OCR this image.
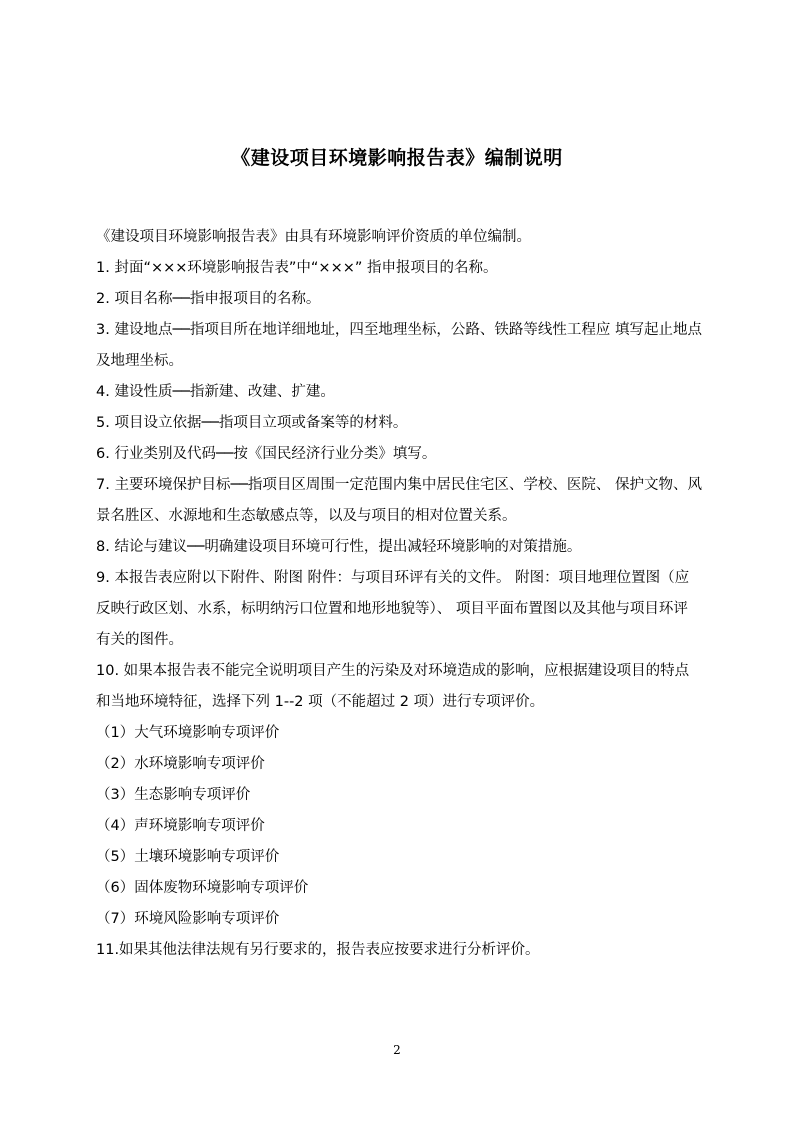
《建设项目环境影响报告表》编制说明

《建设项目环境影响报告表》由具有环境影响评价资质的单位编制。

1. 封面“×××环境影响报告表”中“×××” 指申报项目的名称。

2. 项目名称──指申报项目的名称。

3. 建设地点──指项目所在地详细地址，四至地理坐标，公路、铁路等线性工程应 填写起止地点及地理坐标。

4. 建设性质──指新建、改建、扩建。

5. 项目设立依据──指项目立项或备案等的材料。

6. 行业类别及代码──按《国民经济行业分类》填写。

7. 主要环境保护目标──指项目区周围一定范围内集中居民住宅区、学校、医院、 保护文物、风景名胜区、水源地和生态敏感点等，以及与项目的相对位置关系。

8. 结论与建议──明确建设项目环境可行性，提出减轻环境影响的对策措施。

9. 本报告表应附以下附件、附图 附件：与项目环评有关的文件。 附图：项目地理位置图（应反映行政区划、水系，标明纳污口位置和地形地貌等）、 项目平面布置图以及其他与项目环评有关的图件。

10. 如果本报告表不能完全说明项目产生的污染及对环境造成的影响，应根据建设项目的特点和当地环境特征，选择下列 1--2 项（不能超过 2 项）进行专项评价。

（1）大气环境影响专项评价

（2）水环境影响专项评价

（3）生态影响专项评价

（4）声环境影响专项评价

（5）土壤环境影响专项评价

（6）固体废物环境影响专项评价

（7）环境风险影响专项评价

11.如果其他法律法规有另行要求的，报告表应按要求进行分析评价。

2
